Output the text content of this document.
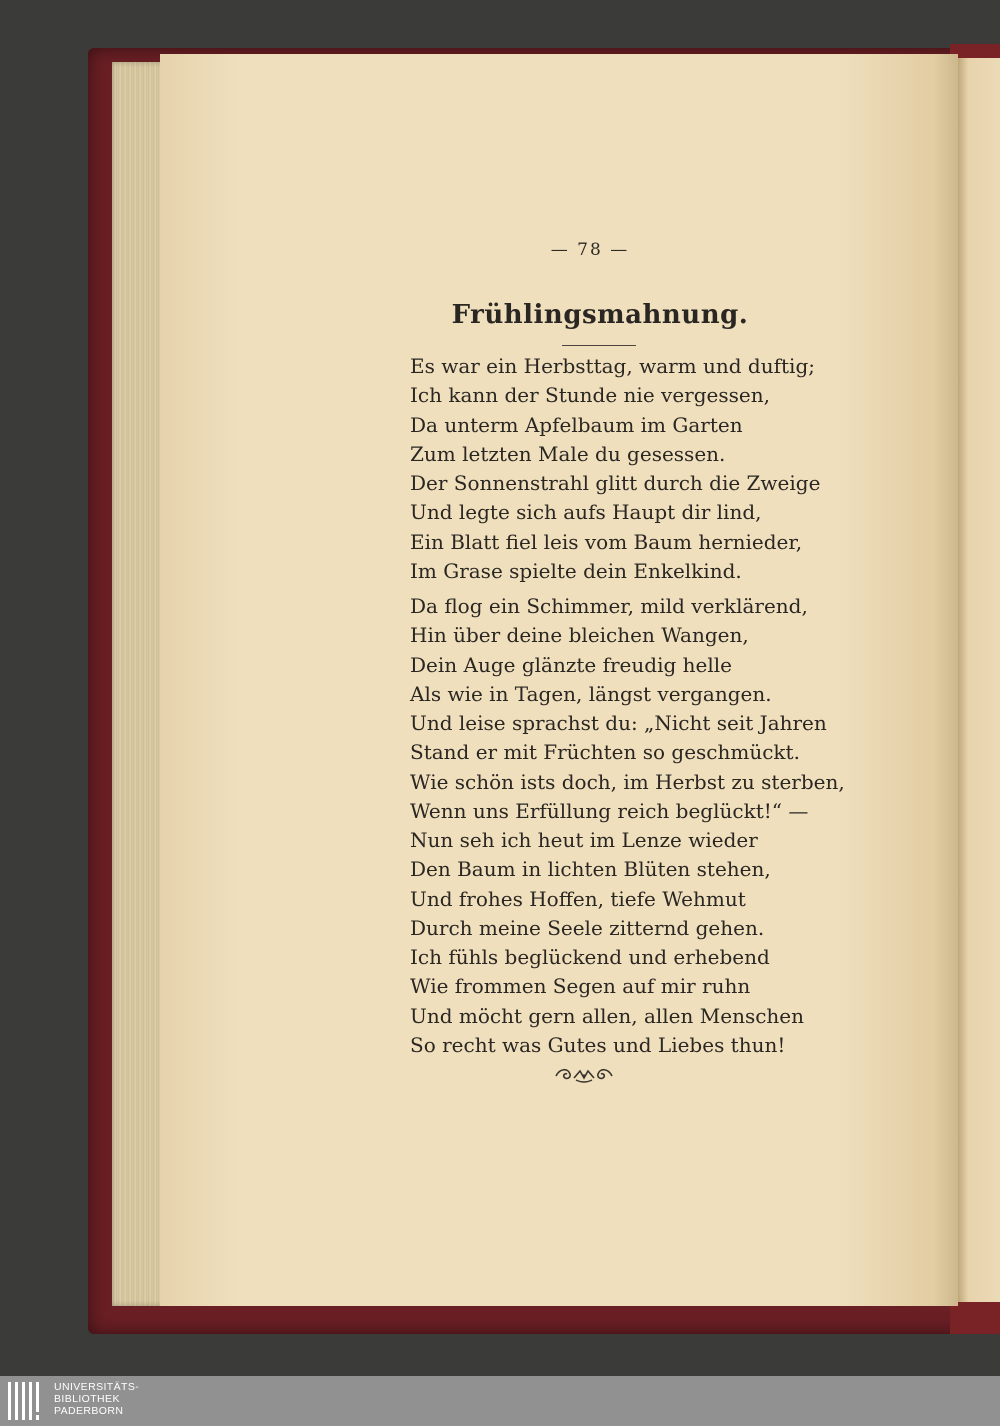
— 78 —
Frühlingsmahnung.
Es war ein Herbsttag, warm und duftig;
Ich kann der Stunde nie vergessen,
Da unterm Apfelbaum im Garten
Zum letzten Male du gesessen.
Der Sonnenstrahl glitt durch die Zweige
Und legte sich aufs Haupt dir lind,
Ein Blatt fiel leis vom Baum hernieder,
Im Grase spielte dein Enkelkind.
Da flog ein Schimmer, mild verklärend,
Hin über deine bleichen Wangen,
Dein Auge glänzte freudig helle
Als wie in Tagen, längst vergangen.
Und leise sprachst du: „Nicht seit Jahren
Stand er mit Früchten so geschmückt.
Wie schön ists doch, im Herbst zu sterben,
Wenn uns Erfüllung reich beglückt!“ —
Nun seh ich heut im Lenze wieder
Den Baum in lichten Blüten stehen,
Und frohes Hoffen, tiefe Wehmut
Durch meine Seele zitternd gehen.
Ich fühls beglückend und erhebend
Wie frommen Segen auf mir ruhn
Und möcht gern allen, allen Menschen
So recht was Gutes und Liebes thun!
UNIVERSITÄTS-
BIBLIOTHEK
PADERBORN
